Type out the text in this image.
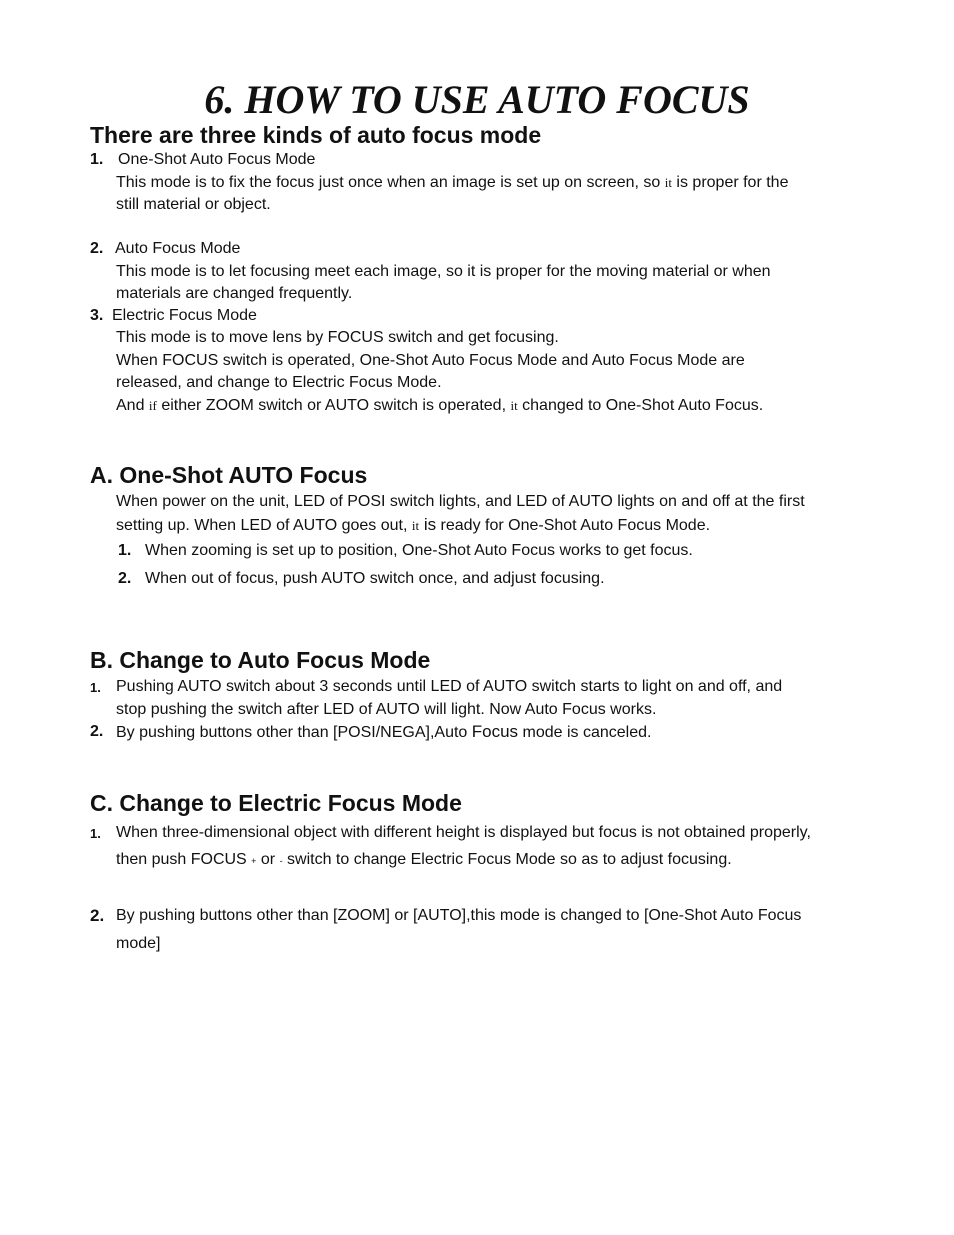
6. HOW TO USE AUTO FOCUS
There are three kinds of auto focus mode
1. One-Shot Auto Focus Mode
This mode is to fix the focus just once when an image is set up on screen, so it is proper for the
still material or object.
2. Auto Focus Mode
This mode is to let focusing meet each image, so it is proper for the moving material or when
materials are changed frequently.
3. Electric Focus Mode
This mode is to move lens by FOCUS switch and get focusing.
When FOCUS switch is operated, One-Shot Auto Focus Mode and Auto Focus Mode are
released, and change to Electric Focus Mode.
And if either ZOOM switch or AUTO switch is operated, it changed to One-Shot Auto Focus.
A. One-Shot AUTO Focus
When power on the unit, LED of POSI switch lights, and LED of AUTO lights on and off at the first
setting up. When LED of AUTO goes out, it is ready for One-Shot Auto Focus Mode.
1. When zooming is set up to position, One-Shot Auto Focus works to get focus.
2. When out of focus, push AUTO switch once, and adjust focusing.
B. Change to Auto Focus Mode
1. Pushing AUTO switch about 3 seconds until LED of AUTO switch starts to light on and off, and
stop pushing the switch after LED of AUTO will light. Now Auto Focus works.
2. By pushing buttons other than [POSI/NEGA],Auto Focus mode is canceled.
C. Change to Electric Focus Mode
1. When three-dimensional object with different height is displayed but focus is not obtained properly,
then push FOCUS + or - switch to change Electric Focus Mode so as to adjust focusing.
2. By pushing buttons other than [ZOOM] or [AUTO],this mode is changed to [One-Shot Auto Focus
mode]
